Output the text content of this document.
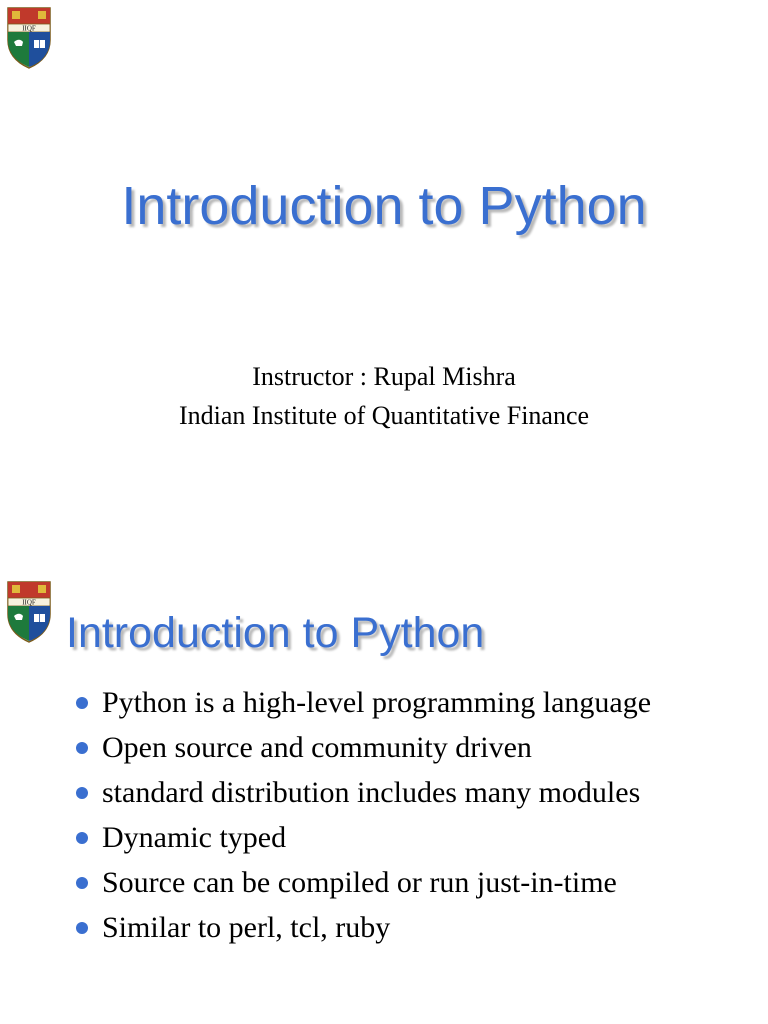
IIQF
Introduction to Python
Instructor : Rupal Mishra
Indian Institute of Quantitative Finance
IIQF
Introduction to Python
Python is a high-level programming language
Open source and community driven
standard distribution includes many modules
Dynamic typed
Source can be compiled or run just-in-time
Similar to perl, tcl, ruby
